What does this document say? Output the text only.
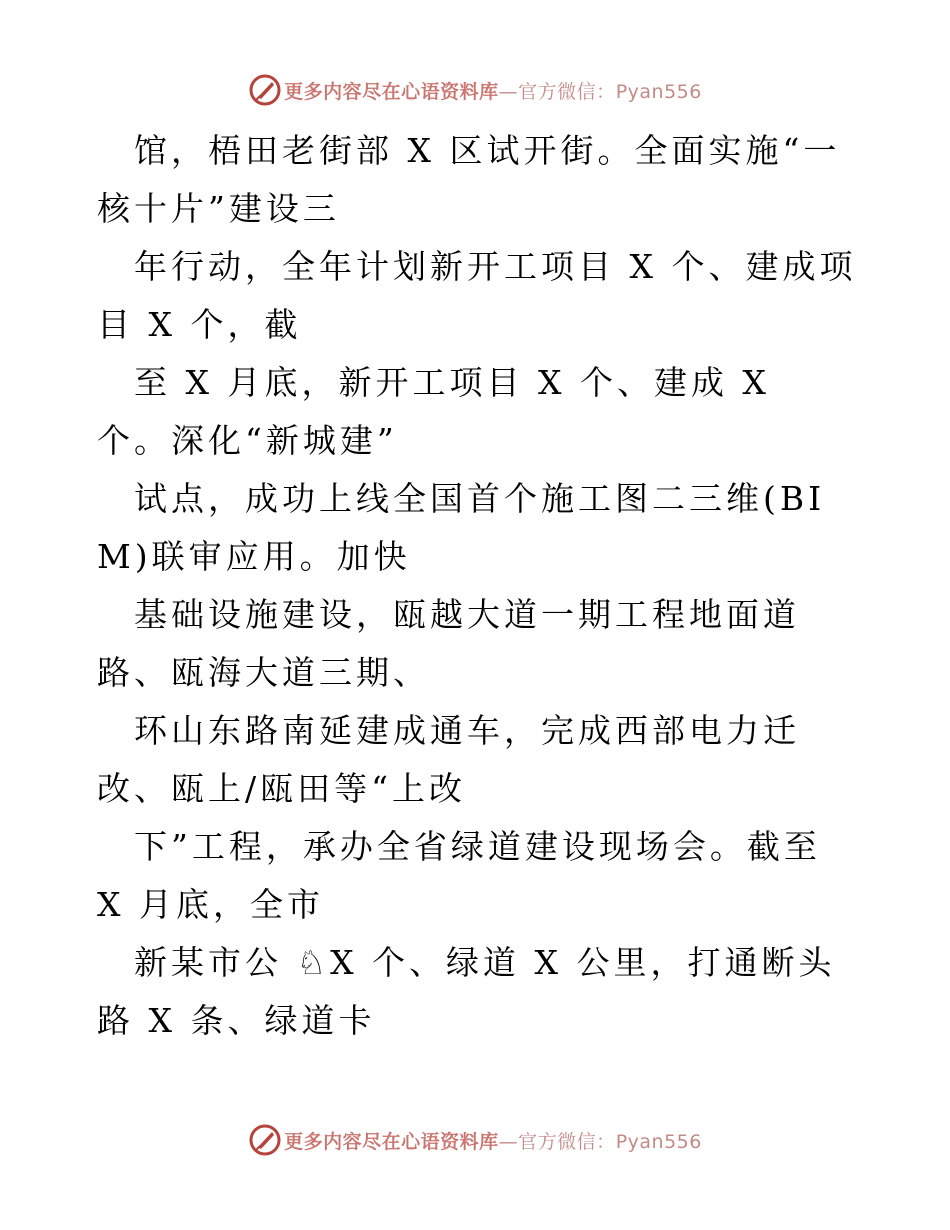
更多内容尽在心语资料库—官方微信：Pyan556

馆，梧田老街部 X 区试开街。全面实施“一核十片”建设三

年行动，全年计划新开工项目 X 个、建成项目 X 个，截

至 X 月底，新开工项目 X 个、建成 X 个。深化“新城建”

试点，成功上线全国首个施工图二三维(BIM)联审应用。加快

基础设施建设，瓯越大道一期工程地面道路、瓯海大道三期、

环山东路南延建成通车，完成西部电力迁改、瓯上/瓯田等“上改

下”工程，承办全省绿道建设现场会。截至 X 月底，全市

新某市公 ♘X 个、绿道 X 公里，打通断头路 X 条、绿道卡

更多内容尽在心语资料库—官方微信：Pyan556
